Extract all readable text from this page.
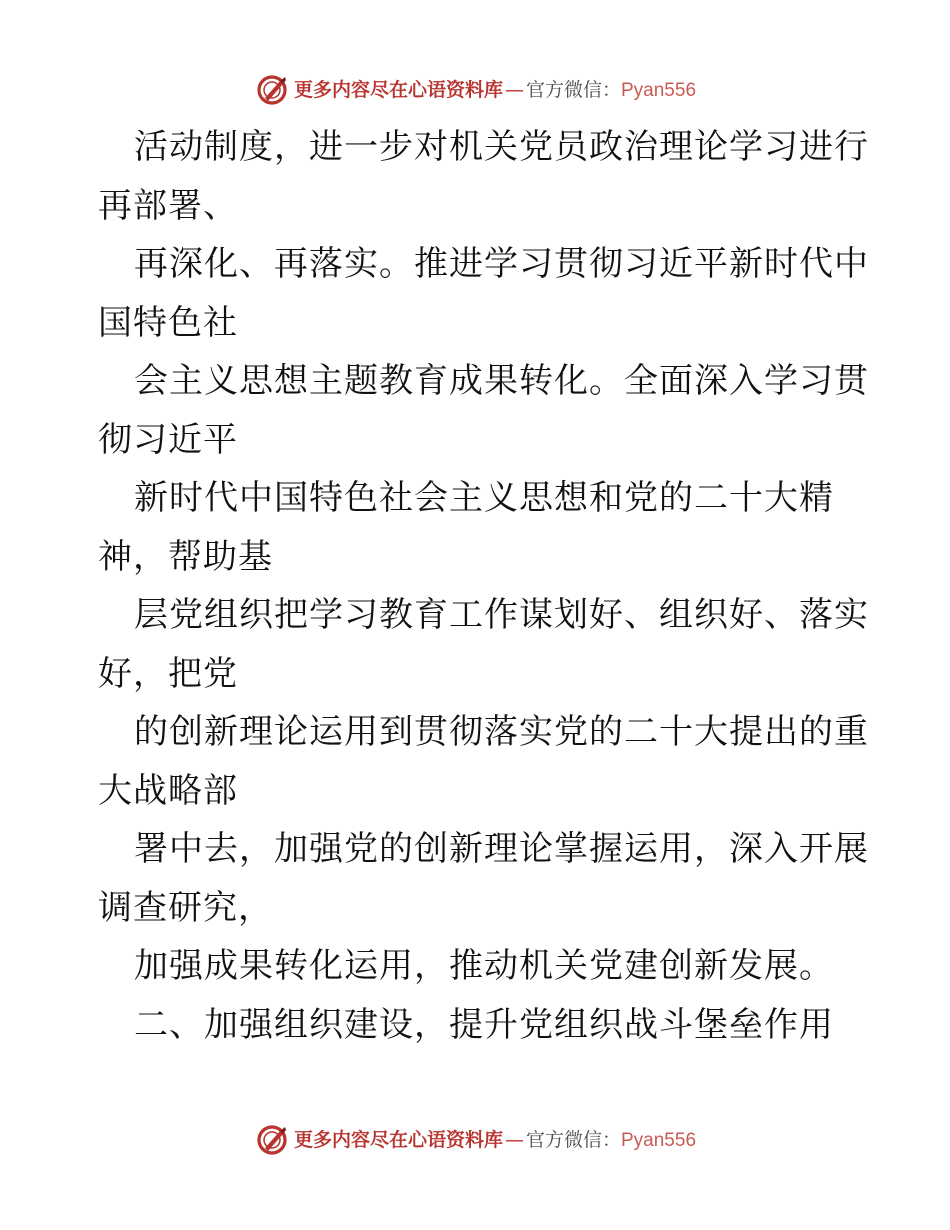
更多内容尽在心语资料库 — 官方微信： Pyan556
活动制度，进一步对机关党员政治理论学习进行
再部署、
再深化、再落实。推进学习贯彻习近平新时代中
国特色社
会主义思想主题教育成果转化。全面深入学习贯
彻习近平
新时代中国特色社会主义思想和党的二十大精
神，帮助基
层党组织把学习教育工作谋划好、组织好、落实
好，把党
的创新理论运用到贯彻落实党的二十大提出的重
大战略部
署中去，加强党的创新理论掌握运用，深入开展
调查研究，
加强成果转化运用，推动机关党建创新发展。
二、加强组织建设，提升党组织战斗堡垒作用
更多内容尽在心语资料库 — 官方微信： Pyan556
